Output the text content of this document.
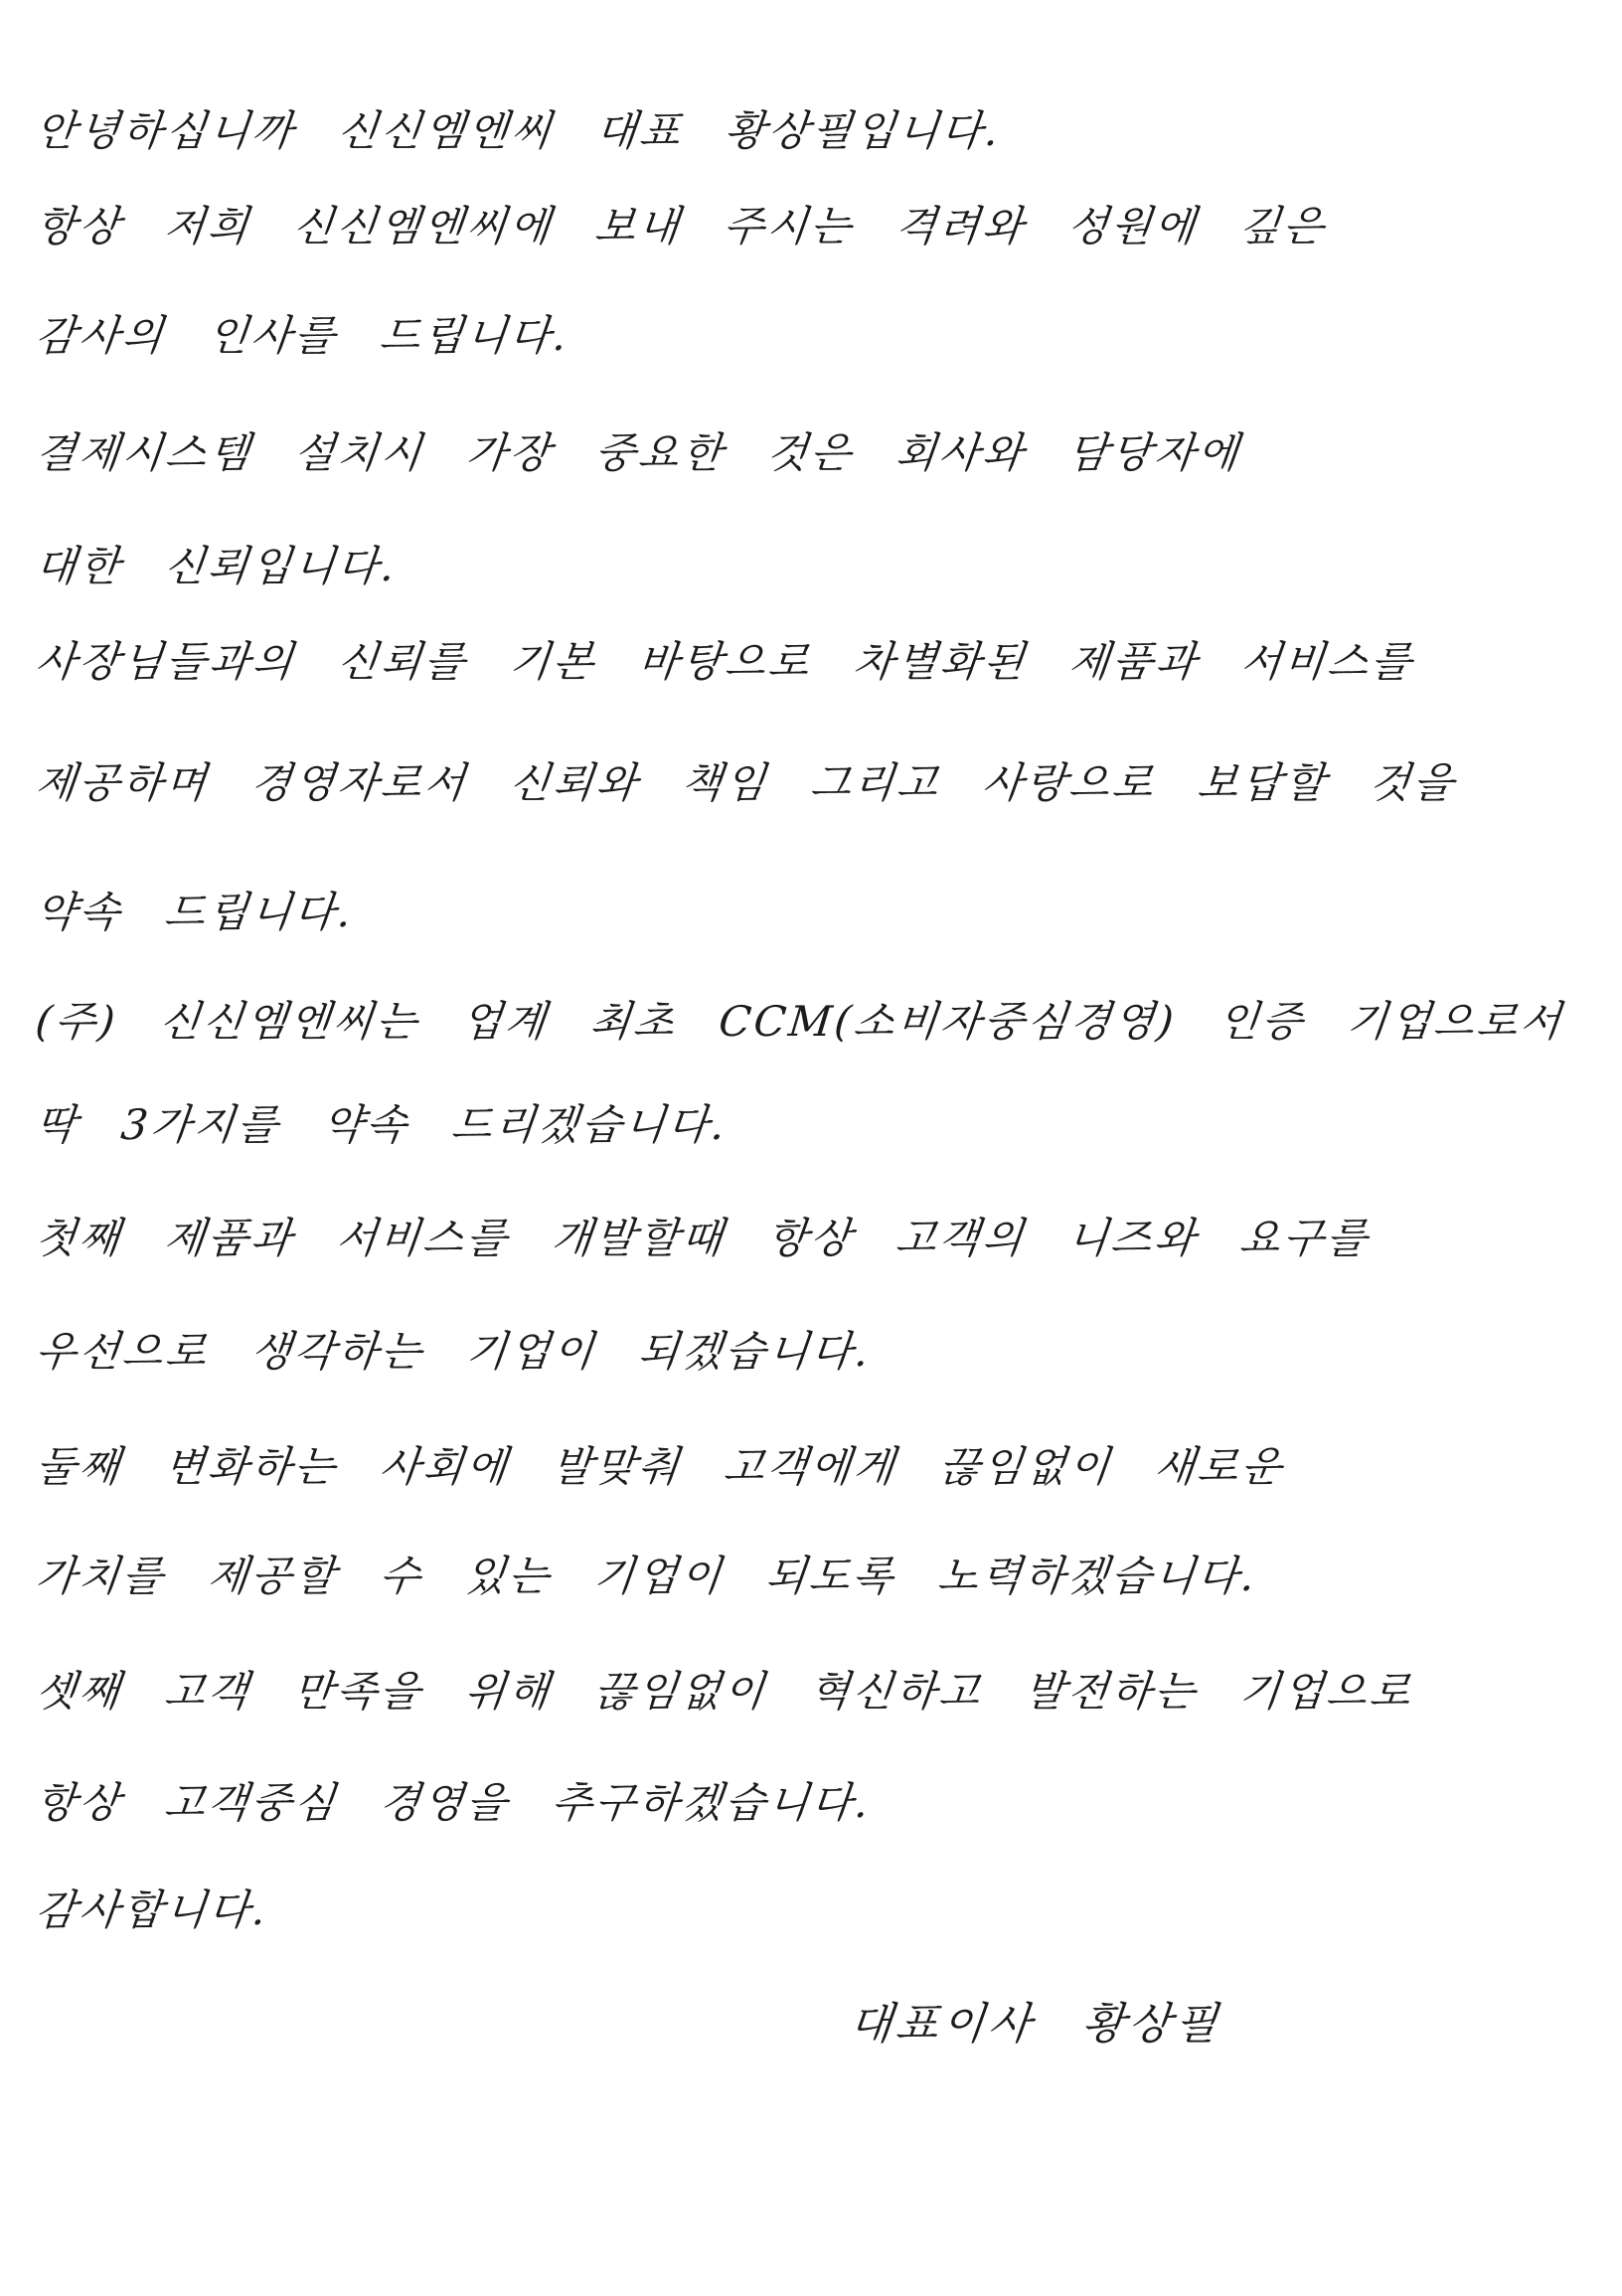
안녕하십니까 신신엠엔씨 대표 황상필입니다.

항상 저희 신신엠엔씨에 보내 주시는 격려와 성원에 깊은

감사의 인사를 드립니다.

결제시스템 설치시 가장 중요한 것은 회사와 담당자에

대한 신뢰입니다.

사장님들과의 신뢰를 기본 바탕으로 차별화된 제품과 서비스를

제공하며 경영자로서 신뢰와 책임 그리고 사랑으로 보답할 것을

약속 드립니다.

(주) 신신엠엔씨는 업계 최초 CCM(소비자중심경영) 인증 기업으로서

딱 3가지를 약속 드리겠습니다.

첫째 제품과 서비스를 개발할때 항상 고객의 니즈와 요구를

우선으로 생각하는 기업이 되겠습니다.

둘째 변화하는 사회에 발맞춰 고객에게 끊임없이 새로운

가치를 제공할 수 있는 기업이 되도록 노력하겠습니다.

셋째 고객 만족을 위해 끊임없이 혁신하고 발전하는 기업으로

항상 고객중심 경영을 추구하겠습니다.

감사합니다.

대표이사 황상필
